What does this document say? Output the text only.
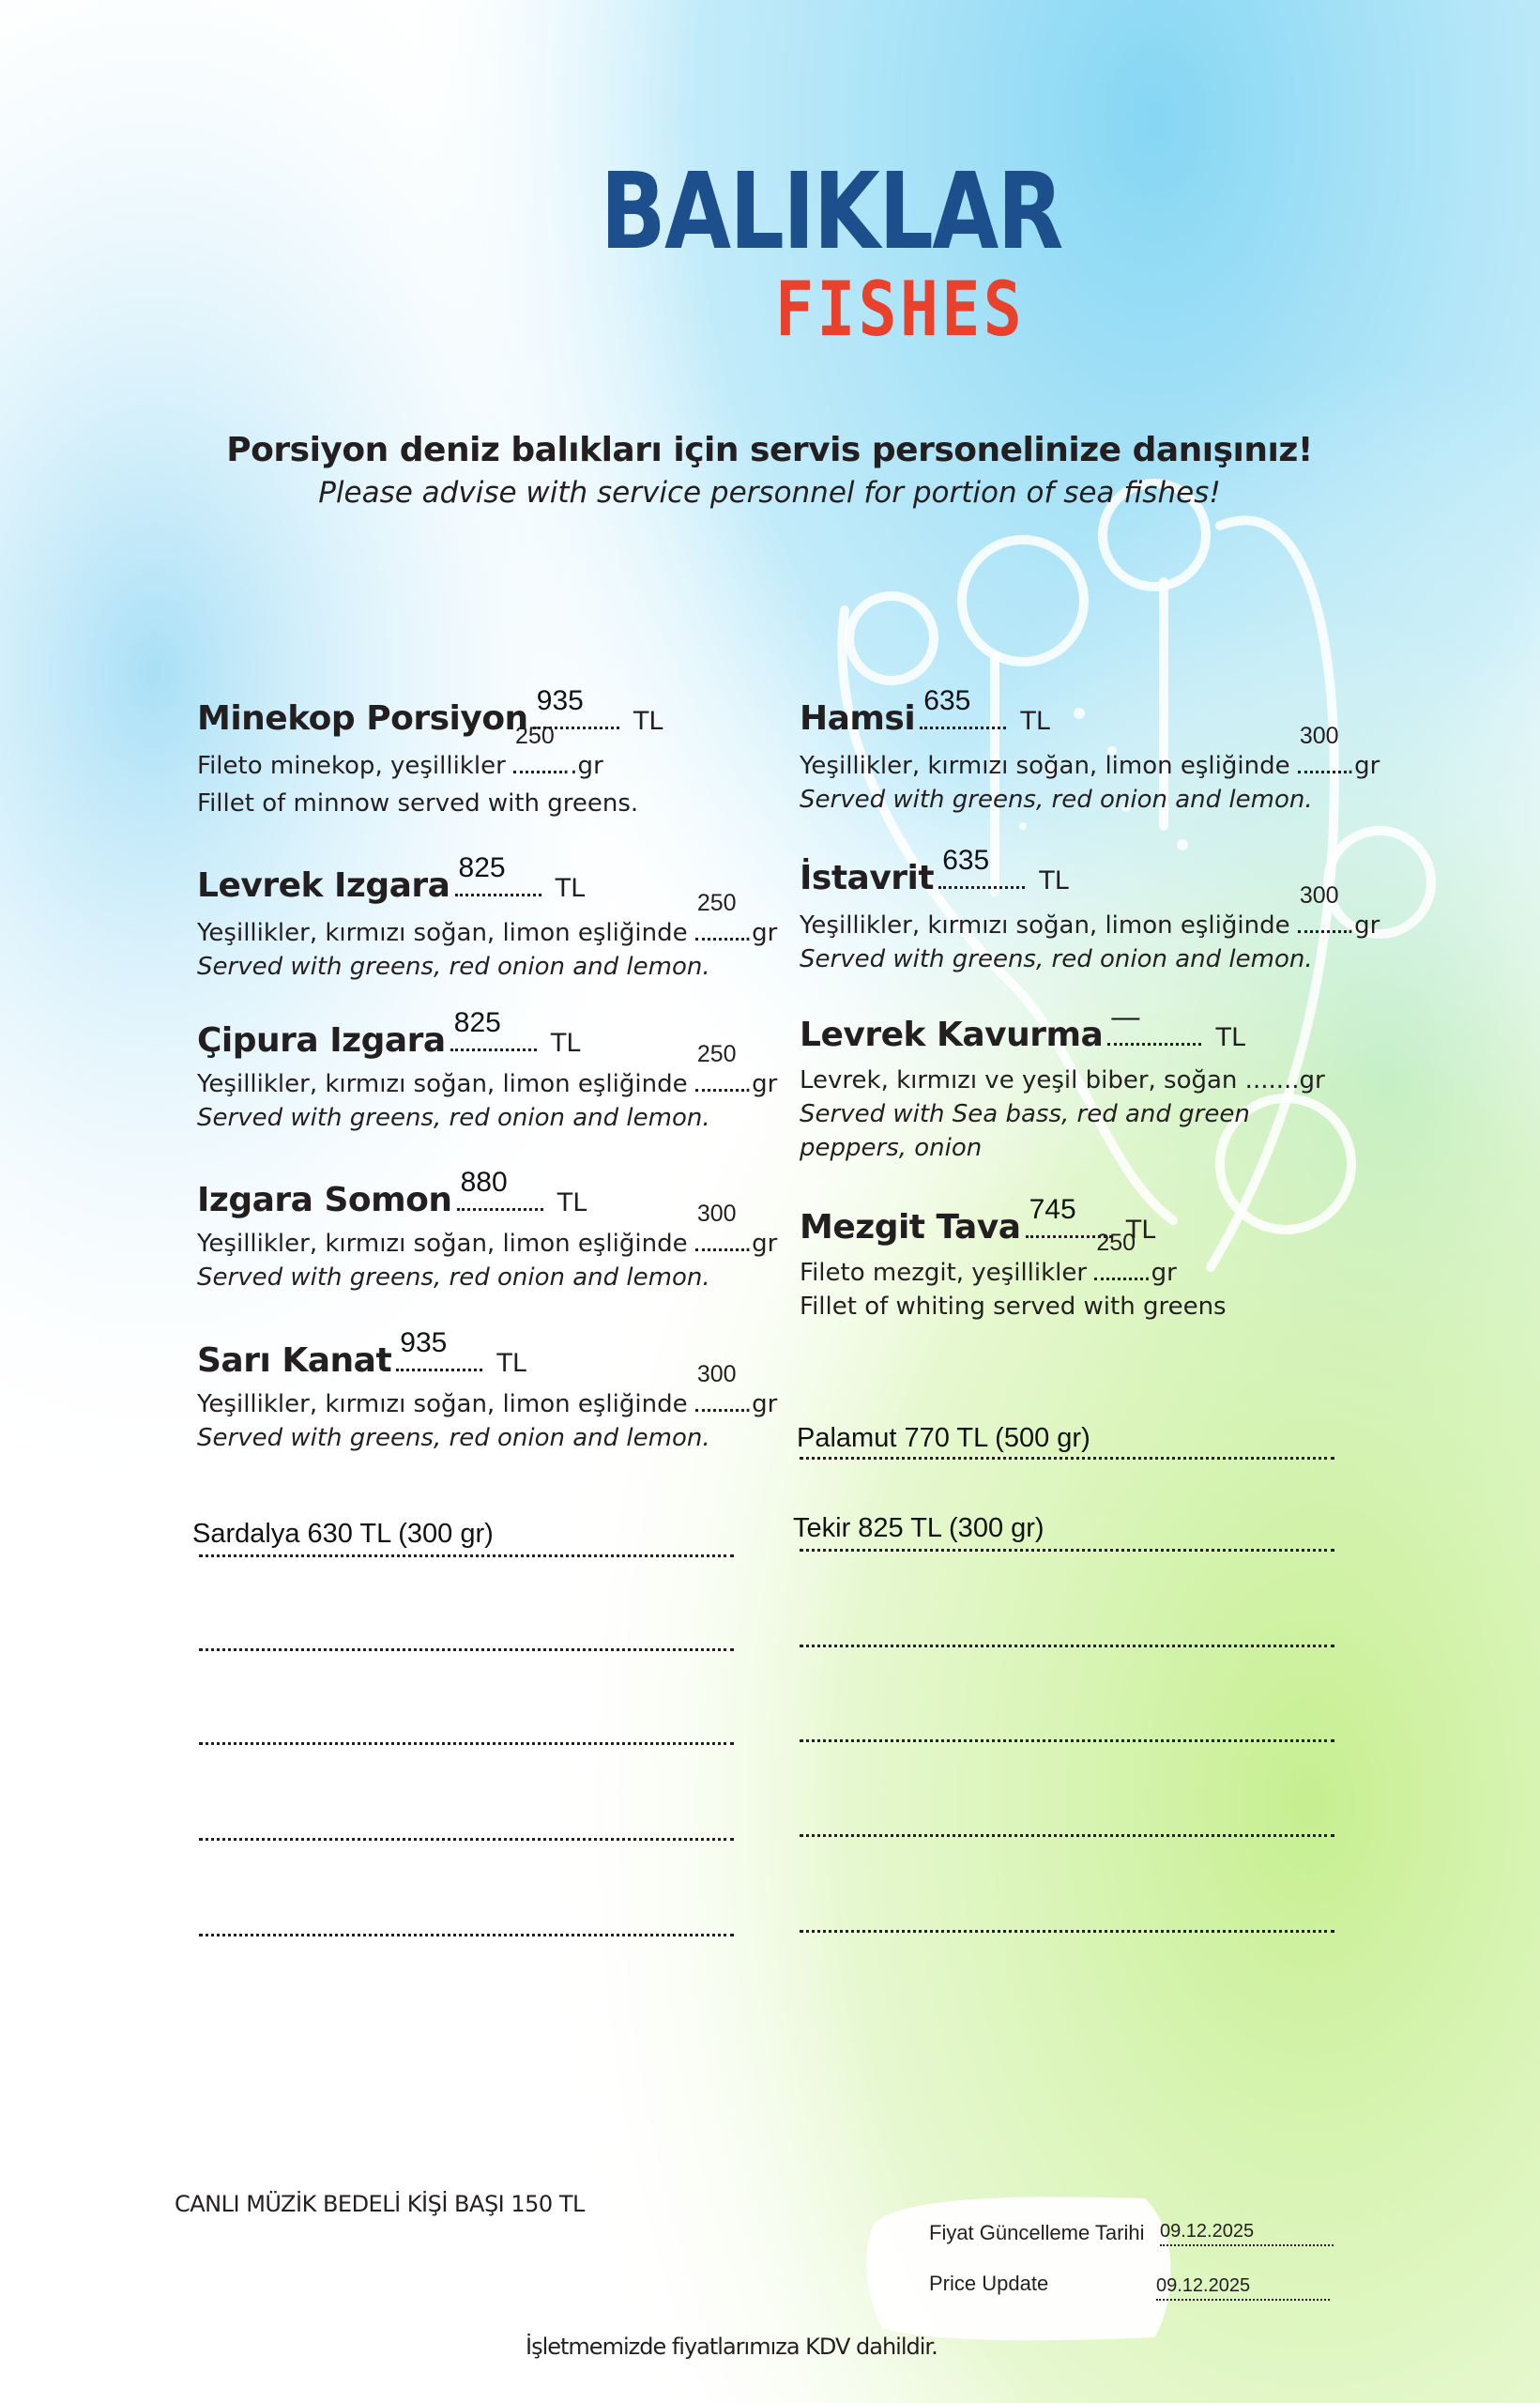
BALIKLAR
FISHES
Porsiyon deniz balıkları için servis personelinize danışınız!
Please advise with service personnel for portion of sea fishes!
Minekop Porsiyon 935
TL
Fileto minekop, yeşillikler
250
..gr
Fillet of minnow served with greens.
Levrek Izgara 825
TL
Yeşillikler, kırmızı soğan, limon eşliğinde
250
.gr
Served with greens, red onion and lemon.
Çipura Izgara 825
TL
Yeşillikler, kırmızı soğan, limon eşliğinde
250
.gr
Served with greens, red onion and lemon.
Izgara Somon 880
TL
Yeşillikler, kırmızı soğan, limon eşliğinde
300
.gr
Served with greens, red onion and lemon.
Sarı Kanat 935
TL
Yeşillikler, kırmızı soğan, limon eşliğinde
300
.gr
Served with greens, red onion and lemon.
Hamsi 635
TL
Yeşillikler, kırmızı soğan, limon eşliğinde
300
.gr
Served with greens, red onion and lemon.
İstavrit 635
TL
Yeşillikler, kırmızı soğan, limon eşliğinde
300
.gr
Served with greens, red onion and lemon.
Levrek Kavurma —
TL
Levrek, kırmızı ve yeşil biber, soğan .......gr
Served with Sea bass, red and green
peppers, onion
Mezgit Tava 745
TL
Fileto mezgit, yeşillikler
250
.gr
Fillet of whiting served with greens
Sardalya 630 TL (300 gr)
Palamut 770 TL (500 gr)
Tekir 825 TL (300 gr)
CANLI MÜZİK BEDELİ KİŞİ BAŞI 150 TL
Fiyat Güncelleme Tarihi 09.12.2025
Price Update	09.12.2025
İşletmemizde fiyatlarımıza KDV dahildir.
